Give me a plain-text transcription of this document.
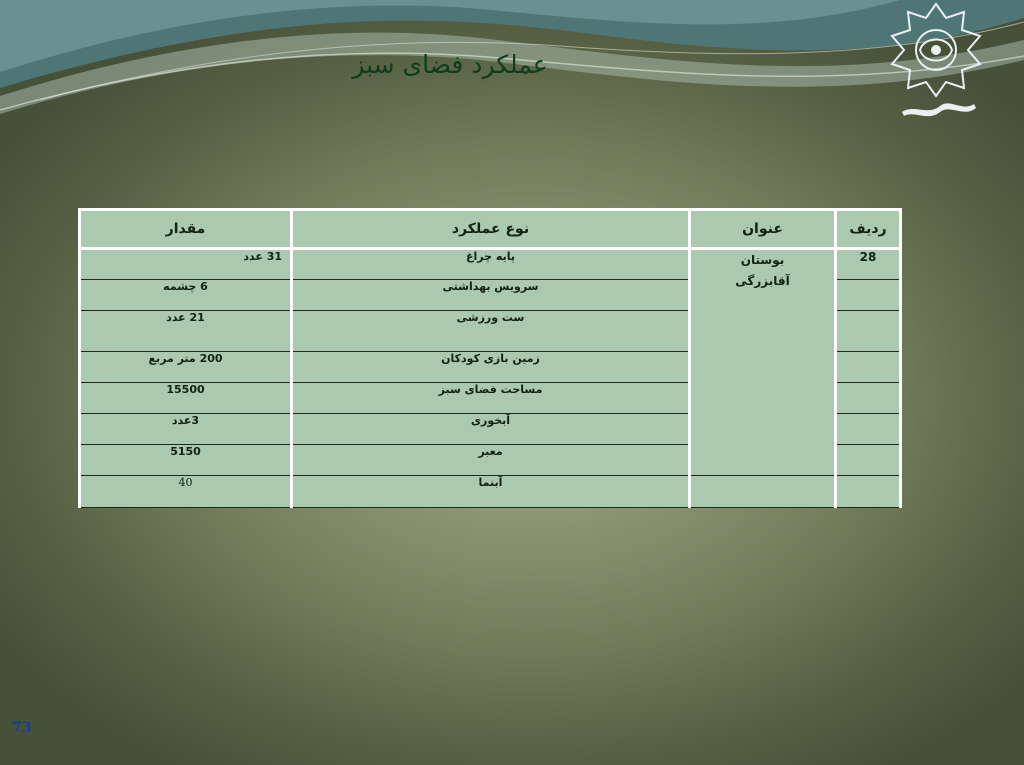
عملکرد فضای سبز
ردیف	عنوان	نوع عملکرد	مقدار
28	بوستان آقابزرگی	پایه چراغ	31 عدد
		سرویس بهداشتی	6 چشمه
		ست ورزشی	21 عدد
		زمین بازی کودکان	200 متر مربع
		مساحت فضای سبز	15500
		آبخوری	3عدد
		معبر	5150
		آبنما	40
73
